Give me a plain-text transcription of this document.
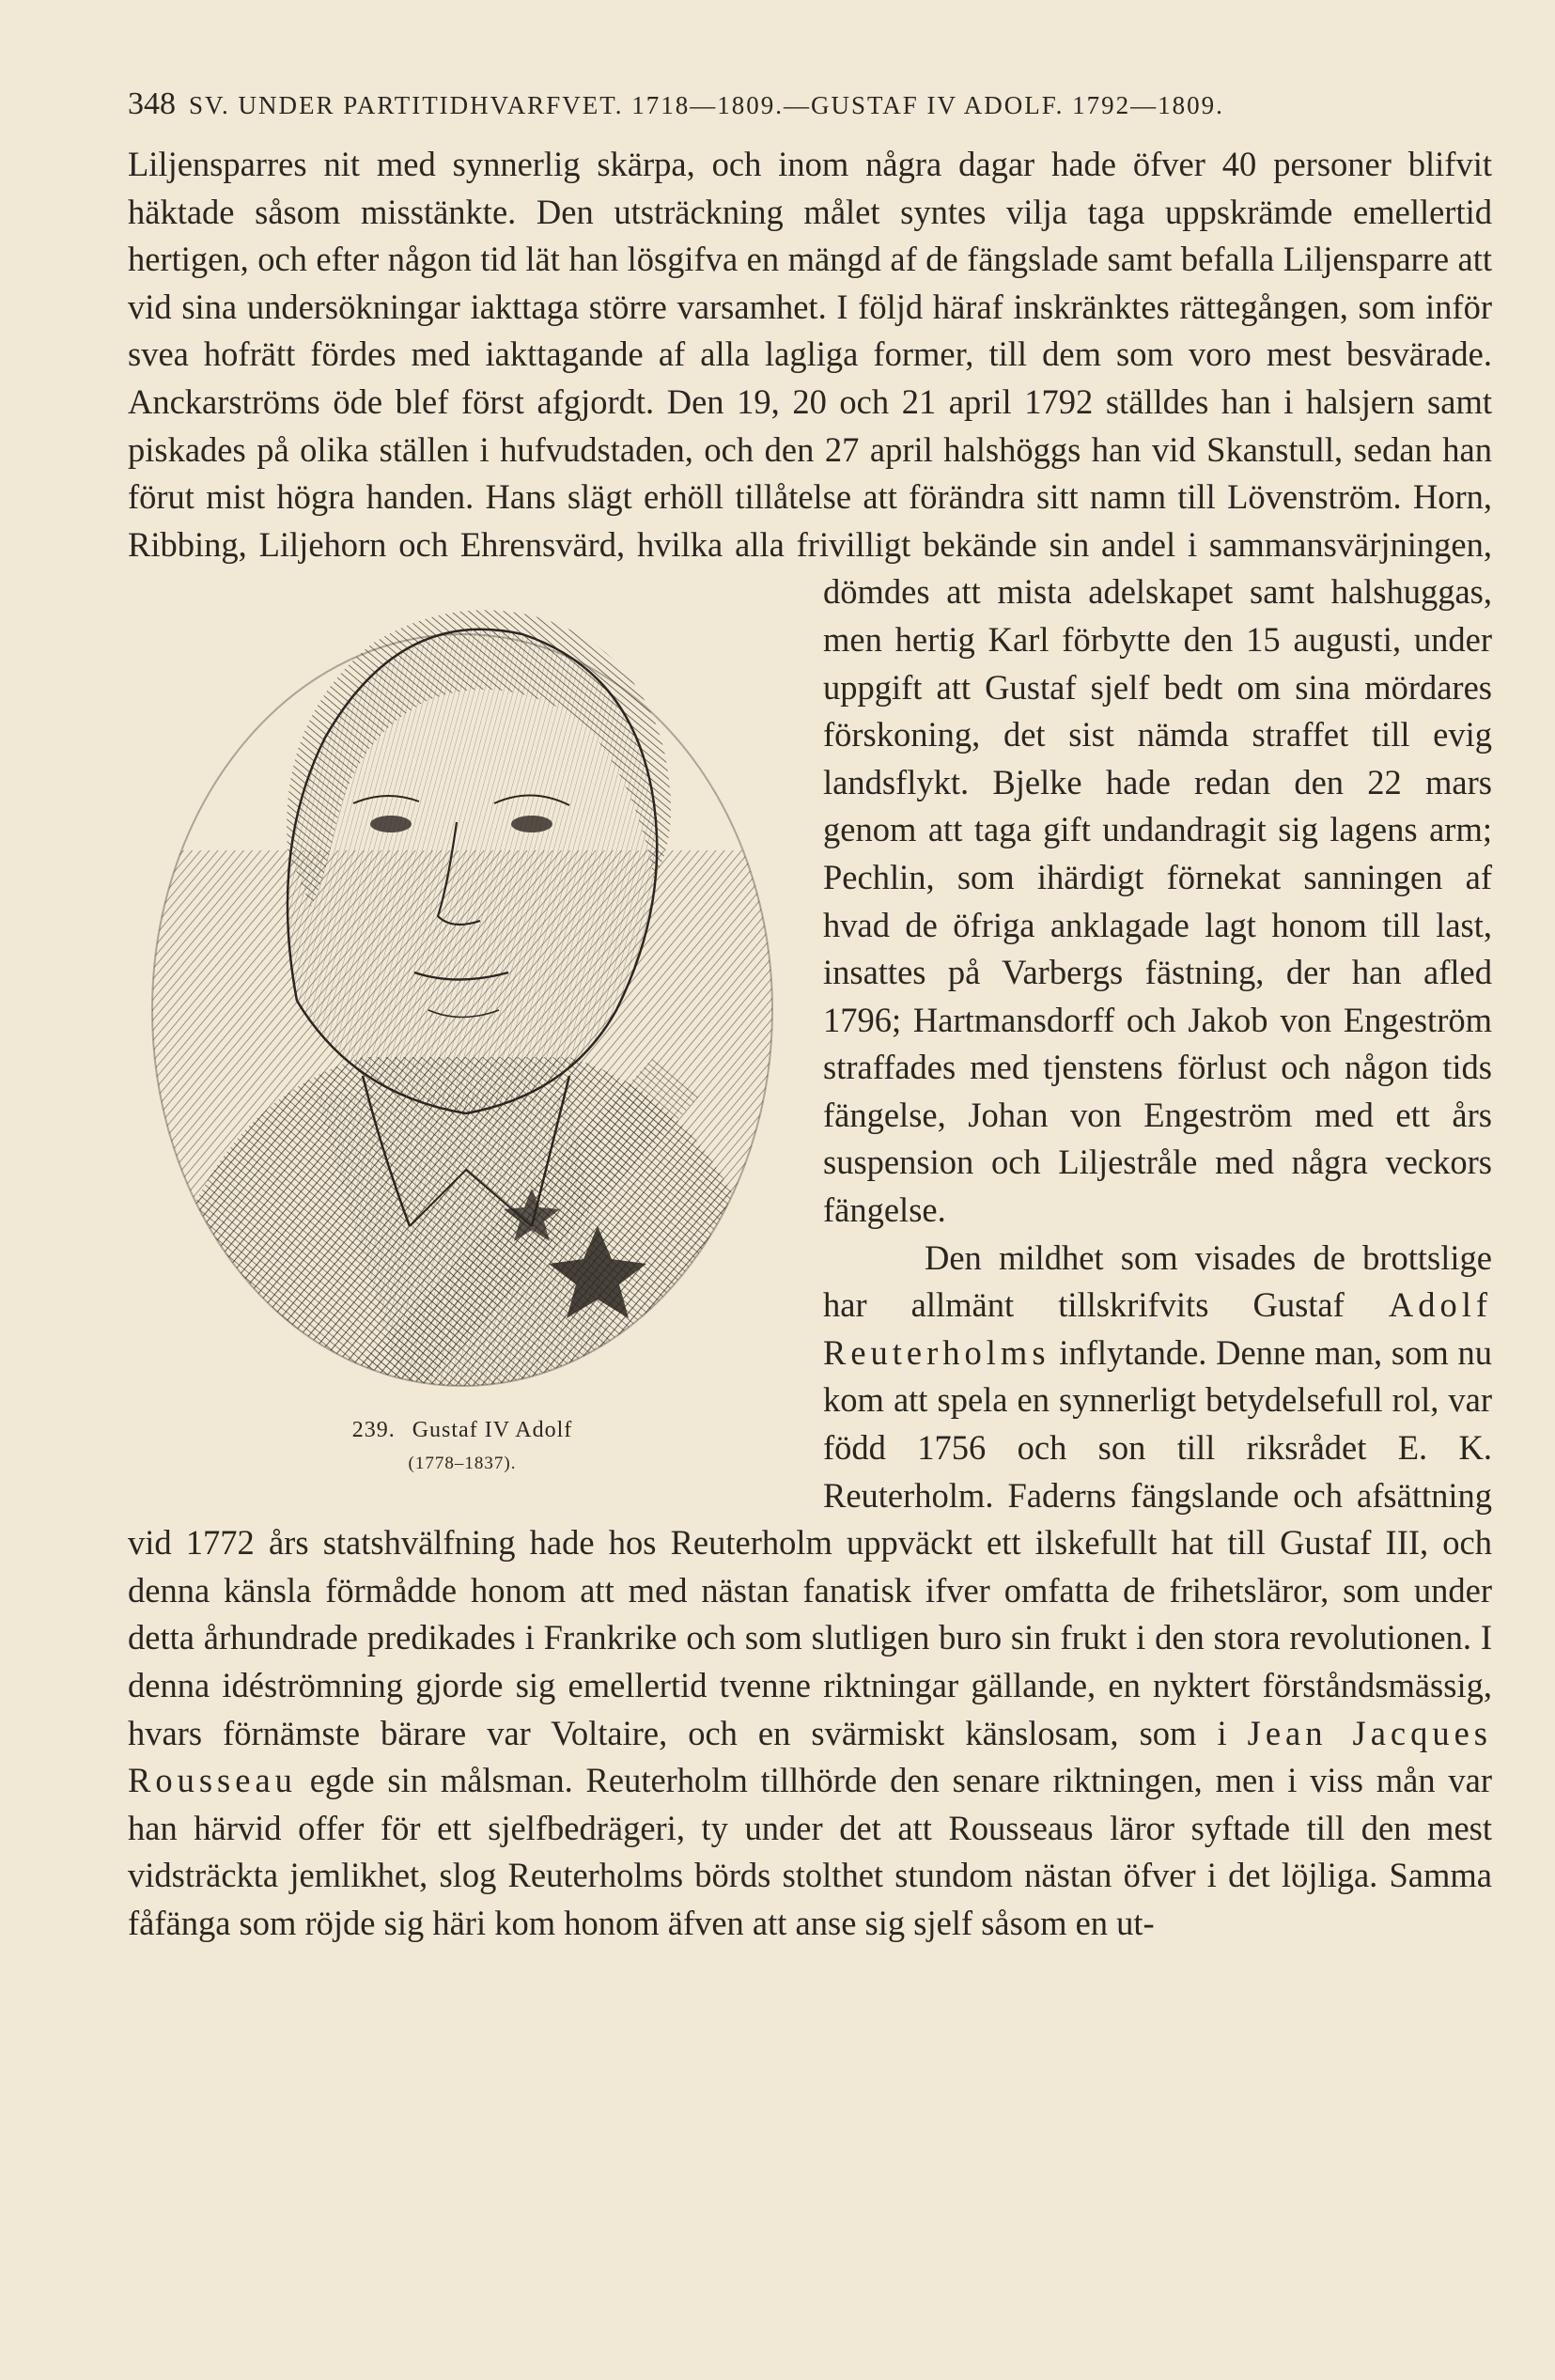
348 SV. UNDER PARTITIDHVARFVET. 1718—1809.—GUSTAF IV ADOLF. 1792—1809.

Liljensparres nit med synnerlig skärpa, och inom några dagar hade öfver 40 personer blifvit häktade såsom misstänkte. Den utsträckning målet syntes vilja taga uppskrämde emellertid hertigen, och efter någon tid lät han lösgifva en mängd af de fängslade samt befalla Liljensparre att vid sina undersökningar iakttaga större varsamhet. I följd häraf inskränktes rättegången, som inför svea hofrätt fördes med iakttagande af alla lagliga former, till dem som voro mest besvärade. Anckarströms öde blef först afgjordt. Den 19, 20 och 21 april 1792 ställdes han i halsjern samt piskades på olika ställen i hufvudstaden, och den 27 april halshöggs han vid Skanstull, sedan han förut mist högra handen. Hans slägt erhöll tillåtelse att förändra sitt namn till Lövenström. Horn, Ribbing, Liljehorn och Ehrensvärd, hvilka alla frivilligt bekände sin andel i sammansvärjningen, dömdes att mista adelskapet samt halshuggas,
239. Gustaf IV Adolf
(1778–1837).
men hertig Karl förbytte den 15 augusti, under uppgift att Gustaf sjelf bedt om sina mördares förskoning, det sist nämda straffet till evig landsflykt. Bjelke hade redan den 22 mars genom att taga gift undandragit sig lagens arm; Pechlin, som ihärdigt förnekat sanningen af hvad de öfriga anklagade lagt honom till last, insattes på Varbergs fästning, der han afled 1796; Hartmansdorff och Jakob von Engeström straffades med tjenstens förlust och någon tids fängelse, Johan von Engeström med ett års suspension och Liljestråle med några veckors fängelse.

Den mildhet som visades de brottslige har allmänt tillskrifvits Gustaf Adolf Reuterholms inflytande. Denne man, som nu kom att spela en synnerligt betydelsefull rol, var född 1756 och son till riksrådet E. K. Reuterholm. Faderns fängslande och afsättning vid 1772 års statshvälfning hade hos Reuterholm uppväckt ett ilskefullt hat till Gustaf III, och denna känsla förmådde honom att med nästan fanatisk ifver omfatta de frihetsläror, som under detta århundrade predikades i Frankrike och som slutligen buro sin frukt i den stora revolutionen. I denna idéströmning gjorde sig emellertid tvenne riktningar gällande, en nyktert förståndsmässig, hvars förnämste bärare var Voltaire, och en svärmiskt känslosam, som i Jean Jacques Rousseau egde sin målsman. Reuterholm tillhörde den senare riktningen, men i viss mån var han härvid offer för ett sjelfbedrägeri, ty under det att Rousseaus läror syftade till den mest vidsträckta jemlikhet, slog Reuterholms börds stolthet stundom nästan öfver i det löjliga. Samma fåfänga som röjde sig häri kom honom äfven att anse sig sjelf såsom en ut-
